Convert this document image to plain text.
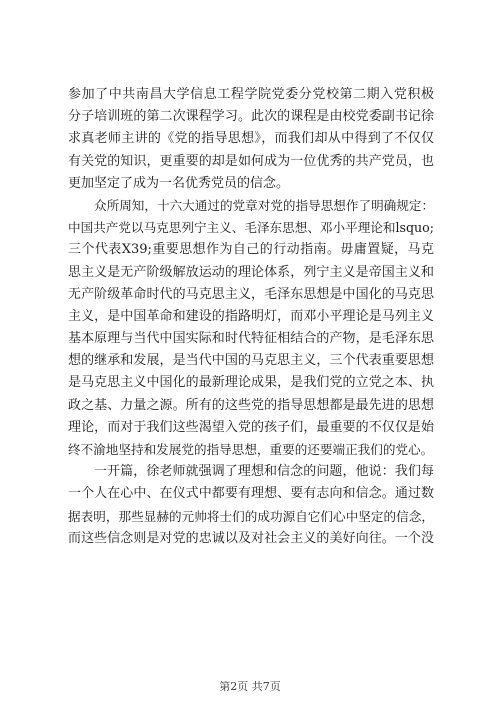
参加了中共南昌大学信息工程学院党委分党校第二期入党积极
分子培训班的第二次课程学习。此次的课程是由校党委副书记徐
求真老师主讲的《党的指导思想》，而我们却从中得到了不仅仅
有关党的知识，更重要的却是如何成为一位优秀的共产党员，也
更加坚定了成为一名优秀党员的信念。
众所周知，十六大通过的党章对党的指导思想作了明确规定：
中国共产党以马克思列宁主义、毛泽东思想、邓小平理论和lsquo;
三个代表X39;重要思想作为自己的行动指南。毋庸置疑，马克
思主义是无产阶级解放运动的理论体系，列宁主义是帝国主义和
无产阶级革命时代的马克思主义，毛泽东思想是中国化的马克思
主义，是中国革命和建设的指路明灯，而邓小平理论是马列主义
基本原理与当代中国实际和时代特征相结合的产物，是毛泽东思
想的继承和发展，是当代中国的马克思主义，三个代表重要思想
是马克思主义中国化的最新理论成果，是我们党的立党之本、执
政之基、力量之源。所有的这些党的指导思想都是最先进的思想
理论，而对于我们这些渴望入党的孩子们，最重要的不仅仅是始
终不渝地坚持和发展党的指导思想，重要的还要端正我们的党心。
一开篇，徐老师就强调了理想和信念的问题，他说：我们每
一个人在心中、在仪式中都要有理想、要有志向和信念。通过数
据表明，那些显赫的元帅将士们的成功源自它们心中坚定的信念，
而这些信念则是对党的忠诚以及对社会主义的美好向往。一个没
第2页 共7页
